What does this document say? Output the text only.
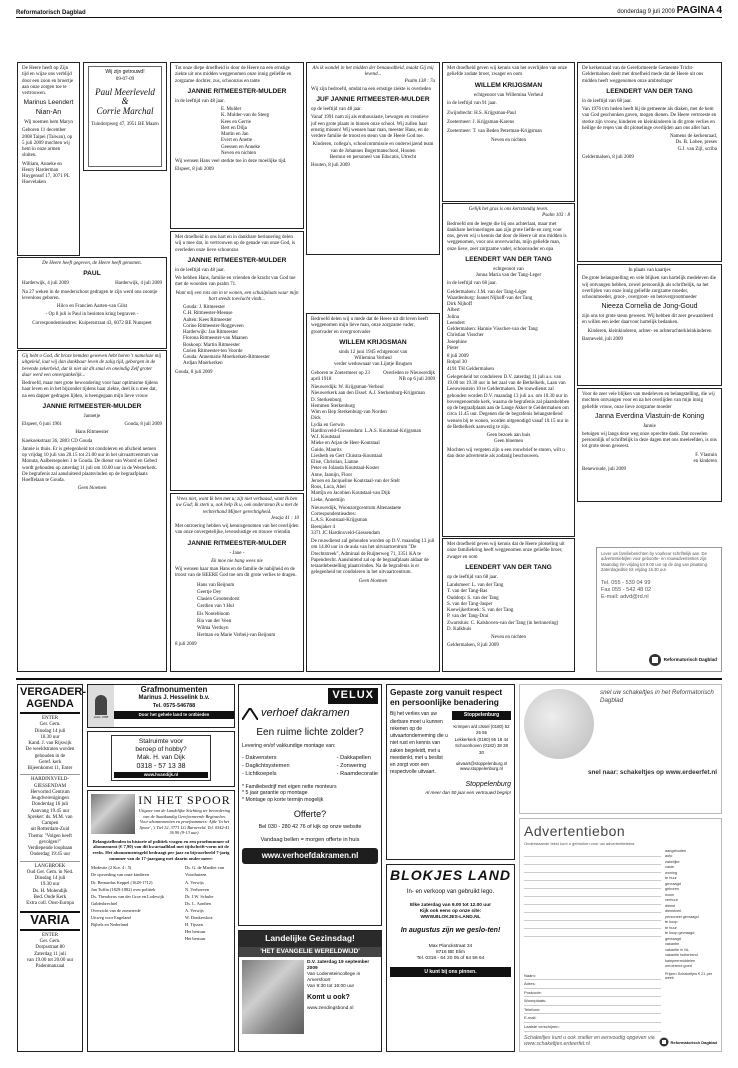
Reformatorisch Dagblad	donderdag 9 juli 2009 PAGINA 4
De Heere heeft op Zijn tijd en wijze ons verblijd door een zoon en broertje aan onze zorgen toe te vertrouwen.
Marinus Leendert
Nian-An
Wij noemen hem Maryn
Geboren 11 december 2008 Taipei (Taiwan), op 5 juli 2009 mochten wij hem in onze armen sluiten.
William, Anneke en Henry Harderman
Huygensof 17, 3071 PL Hoevelaken
Wij zijn getrouwd!
09-07-09
Paul Meerleveld
&
Corrie Marchal
Tuindorpweg 47, 3951 BE Maarn
De Heere heeft gegeven, de Heere heeft genomen.
PAUL
Harderwijk, 4 juli 2009	Harderwijk, 4 juli 2009
Na 27 weken in de moederschoot gedragen te zijn werd ons zoontje levenloos geboren.
Hilco en Francien Aarten-van Gilst
- Op 8 juli is Paul in besloten kring begraven -
Correspondentieadres: Kuipersstraat 43, 6072 BE Nunspeet
Gij hebt o God, dit broze hemden geweven hebt horen 't nameloze mij uitgeleid, laat wij dan dankbaar leven de zalig tijd, geborgen in de bevende zekerheid, dat ik niet uit dit smal en oneindig Zelf groter daar werd een onvergankelijk...
Bedroefd, maar met grote bewondering voor haar optimisme tijdens haar leven en in het bijzonder tijdens haar ziekte, deel ik u mee dat, na een dapper gedragen lijden, is heengegaan mijn lieve vrouw
JANNIE RITMEESTER-MULDER
Jannetje
Elspeet, 6 juni 1961	Gouda, 8 juli 2009
Hans Ritmeester
Koekoekstraat 36, 2803 CD Gouda
Jannie is thuis. Er is gelegenheid tot condoleren en afscheid nemen op vrijdag 10 juli van 20.15 tot 21.00 uur in het uitvaartcentrum van Monuta, Aalbersepolen 1 te Gouda. De dienst van Woord en Gebed wordt gehouden op zaterdag 11 juli om 10.00 uur in de Westerkerk. De begrafenis zal aansluitend plaatsvinden op de begraafplaats Hoeffelaan te Gouda.
Geen bloemen
Tot onze diepe droefheid is door de Heere na een ernstige ziekte uit ons midden weggenomen onze innig geliefde en zorgzame dochter, zus, schoonzus en tante
JANNIE RITMEESTER-MULDER
in de leeftijd van 48 jaar.
E. Mulder
K. Mulder-van de Steeg
Kees en Gerrie
Bert en Dilja
Martin en Jan
Evert en Anette
Geessen en Anneke
Neven en nichten
Wij wensen Hans veel sterkte toe in deze moeilijke tijd.
Elspeet, 8 juli 2009
Met droefheid in ons hart en in dankbare herinnering delen wij u mee dat, in vertrouwen op de genade van onze God, is overleden onze lieve schoonzus
JANNIE RITMEESTER-MULDER
in de leeftijd van 48 jaar.
We hebben Hans, familie en vrienden de kracht van God toe met de woorden van psalm 71.
Want mij een rots om in te wonen, een schuilplaats waar mijn hart steeds toevlucht vindt...
Gouda: J. Ritmeester
C.H. Ritmeester-Meeuse
Aalten: Kees Ritmeester
Corine Ritmeester-Roggeveen
Harderwijk: Jan Ritmeester
Florona Ritmeester-van Maanen
Boskoop: Martin Ritmeester
Carien Ritmeester-ten Voorde
Gouda: Annemarie Moerkerken-Ritmeester
Ardjan Moerkerken
Gouda, 8 juli 2009
Vrees niet, want Ik ben met u; zijt niet verbaasd, want Ik ben uw God; Ik sterk u, ook help Ik u, ook ondersteun Ik u met de rechterhand Mijner gerechtigheid.
Jesaja 41 : 10
Met ontroering hebben wij kennisgenomen van het overlijden van onze onvergetelijke, levenslustige en trouwe vriendin
JANNIE RITMEESTER-MULDER
- Jane -
Ek moe nie bang wees nie
Wij wensen haar man Hans en de familie de nabijheid en de troost van de HEERE God toe om dit grote verlies te dragen.
Hans van Beijnum
Geertje Dey
Clasien Grootendorst
Gerdien van 't Hul
Els Nootebloom
Ria van der Veen
Wilma Verduyn
Herman en Marie Verbeij-van Beijnum
8 juli 2009
Als ik wandel in het midden der benauwdheid, maakt Gij mij levend...
Psalm 138 : 7a
Wij zijn bedroefd, omdat na een ernstige ziekte is overleden
JUF JANNIE RITMEESTER-MULDER
op de leeftijd van 48 jaar.
Vanaf 1991 nam zij als enthousiaste, bewogen en creatieve juf een grote plaats in binnen onze school. Wij zullen haar ernstig missen! Wij wensen haar man, meester Hans, en de verdere familie de troost en steun van de Heere God toe.
Kinderen, collega's, schoolcommissie en onderwijzend team van de Johannes Bogermanschool, Houten
Bestuur en personeel van Educatis, Utrecht
Houten, 8 juli 2009
Bedroefd delen wij u mede dat de Heere uit dit leven heeft weggenomen mijn lieve man, onze zorgzame vader, grootvader en overgrootvader
WILLEM KRIJGSMAN
sinds 12 juni 1945 echtgenoot van
Willemina Verheul
verder weduwnaar van Lijntje Brugsen
Geboren te Zoetermeer op 23 april 1918
Overleden te Nieuwerdijk NB op 6 juli 2009
Nieuwerdijk: W. Krijgsman-Verheul
Nieuwerkerk aan den IJssel: A.J. Sterkenburg-Krijgsman
D. Sterkenburg
Hemmen Sterkenburg
Wim en Bep Sterkenburg-van Norden
Dick
Lydia en Gerwin
Hardinxveld-Giessendam: L.A.S. Koutstaal-Krijgsman
W.J. Koutstaal
Mieke en Arjan de Heer-Koutstaal
Guido, Maurits
Liesbeth en Gert Cluistra-Koutstaal
Elise, Christian, Lianne
Peter en Jolanda Koutstaal-Koster
Anne, Jannijn, Floor
Jeroen en Jacqueline Koutstaal-van der Stelt
Roos, Luca, Abel
Martijn en Jacobien Koutstaal-van Dijk
Lieke, Annemijn
Nieuwerdijk, Woonzorgcentrum Altenastaete
Correspondentieadres:
L.A.S. Koutstaal-Krijgsman
Beenjaker 4
3371 JC Hardinxveld-Giessendam
De rouwdienst zal gehouden worden op D.V. maandag 13 juli om 14.00 uur in de aula van het uitvaartcentrum "De Drechtstreek", Admiraal de Ruijterweg 71, 3351 KA te Papendrecht. Aansluitend zal op de begraafplaats aldaar de teraardebestelling plaatsvinden. Na de begrafenis is er gelegenheid tot condoleren in het uitvaartcentrum.
Geen bloemen
Met droefheid geven wij kennis van het overlijden van onze geliefde zodate broer, zwager en oom
WILLEM KRIJGSMAN
echtgenoot van Willemina Verheul
in de leeftijd van 91 jaar.
Zwijndrecht: H.S. Krijgsman-Paul
Zoetermeer: J. Krijgsman-Karens
Zoetermeer: T. van Beden Peterman-Krijgsman
Neven en nichten
Gelijk het gras is ons kortstondig leven.
Psalm 103 : 8
Bedroefd om de leegte die bij ons achterlaat, maar met dankbare herinneringen aan zijn grote liefde en zorg voor ons, geven wij u kennis dat door de Heere uit ons midden is weggenomen, voor ons onverwachts, mijn geliefde man, onze lieve, zeer zorgzame vader, schoonvader en opa
LEENDERT VAN DER TANG
echtgenoot van
Jonna Maria van der Tang-Leger
in de leeftijd van 68 jaar.
Geldermalsen: J.M. van der Tang-Léger
Waardenburg: Jeanet Nijhoff-van der Tang
Dirk Nijhoff
Albert
Jolina
Leendert
Geldermalsen: Hannie Visscher-van der Tang
Christian Visscher
Josephine
Pieter
8 juli 2009
Bolpol 30
4191 TH Geldermalsen
Gelegenheid tot condoleren D.V. zaterdag 11 juli a.s. van 19.00 tot 19.30 uur in het zaal van de Bethelkerk, Laan van Leeuwenstein 10 te Geldermalsen. De rouwdienst zal gehouden worden D.V. maandag 13 juli a.s. om 10.30 uur in bovengenoemde kerk, waarna de begrafenis zal plaatshebben op de begraafplaats aan de Lange Akker te Geldermalsen om circa 11.45 uur. Degenen die de begrafenis belangstellend wensen bij te wonen, worden uitgenodigd vanaf 10.15 uur in de Bethelkerk aanwezig te zijn.
Geen bezoek aan huis
Geen bloemen
Mochten wij vergeten zijn u een rouwbrief te sturen, wilt u dan deze advertentie als zodanig beschouwen.
Met droefheid geven wij kennis dat de Heere plotseling uit onze familiekring heeft weggenomen onze geliefde broer, zwager en oom
LEENDERT VAN DER TANG
op de leeftijd van 68 jaar.
Landsmeer: L. van der Tang
T. van der Tang-Bas
Ouddorp: S. van der Tang
S. van der Tang-Jasper
Koewijkerbroek: S. van der Tang
P. van der Tang-Drai
Zwartsluis: C. Kalshoven-van der Tang (in herinnering)
D. Kalkhuis
Neven en nichten
Geldermalsen, 8 juli 2009
De kerkenraad van de Gereformeerde Gemeente Tricht-Geldermalsen deelt met droefheid mede dat de Heere uit ons midden heeft weggenomen onze ambtsdrager
LEENDERT VAN DER TANG
in de leeftijd van 68 jaar.
Van 1976 t/m heden heeft hij de gemeente als diaken, met de hem van God geschonken gaven, mogen dienen. De Heere vertroeste en sterke zijn vrouw, kinderen en kleinkinderen in dit grote verlies en heilige de reqen van dit plotselinge overlijden aan ons aller hart.
Namens de kerkenraad,
Ds. B. Lobee, preses
G.J. van Zijl, scriba
Geldermalsen, 8 juli 2009
In plaats van kaartjes
De grote belangstelling en vele blijken van hartelijk medeleven die wij ontvangen hebben, zowel persoonlijk als schriftelijk, na het overlijden van onze innig geliefde zorgzame moeder, schoonmoeder, groot-, overgroot- en betovergrootmoeder
Nieeza Cornelia de Jong-Goud
zijn ons tot grote steun geweest. Wij hebben dit zeer gewaardeerd en willen een ieder daarvoor hartelijk bedanken.
Kinderen, kleinkinderen, achter- en achterachterkleinkinderen
Barneveld, juli 2009
Voor de zeer vele blijken van medeleven en belangstelling, die wij mochten ontvangen voor en na het overlijden van mijn innig geliefde vrouw, onze lieve zorgzame moeder
Janna Everdina Vlastuin-de Koning
Jannie
betuigen wij langs deze weg onze oprechte dank. Dat zoveelen persoonlijk of schriftelijk in deze dagen met ons meeleefden, is ons tot grote steun geweest.
F. Vlastuin
en kinderen
Benewoude, juli 2009
Lever uw familieberichten by voorkeur schriftelijk aan. De advertentiebijlen voor geboorte- en rouwadvertenties zijn: Maandag t/m vrijdag tot 9.00 uur op de dag van plaatsing. Zaterdageditie tot vrijdag 16.30 uur.
Tel. 055 - 539 04 99
Fax 055 - 542 48 02
E-mail: advd@rd.nl
Reformatorisch Dagblad
VERGADER-AGENDA
ENTER
Ger. Gem.
Dinsdag 14 juli
18.30 uur
Kand. J. van Rijswijk
De weeldstraten worden
gehouden in de
Geref. kerk
Bijeenkomst 11, Enter
HARDINXVELD-GIESSENDAM
Hervormd Centrum
Jeugdverenigingen
Donderdag 16 juli
Aanvang 19.45 uur
Spreker: ds. M.M. van Campen
uit Rotterdam-Zuid
Thema: "Volgen heeft gevolgen!"
Verdiepende loopbaan
Onderdag 19:45 uur
LANGBROEK
Oud Ger. Gem. in Ned.
Dinsdag 14 juli
19.30 uur
Ds. H. Molendijk
Bed. Oude Kerk
Extra coll. Oost-Europa
VARIA
ENTER
Ger. Gem.
Dorpsstraat 80
Zaterdag 11 juli
van 19.00 tot 20.00 uur
Padenmanzaal
sinds 1888
Grafmonumenten
Marinus J. Hesselink b.v.
Tel. 0575-546788
Door het gehele land te ontbieden
Stalruimte voor
beroep of hobby?
Mak. H. van Dijk
0318 - 57 13 38
www.hvandijk.nl
IN HET SPOOR
Uitgave van de Landelijke Stichting ter bevordering van de Staatkundig Gereformeerde Beginselen.
Voor abonnementen en proefnummers: Afde 'In het Spoor', 't Tiel 12, 3771 LG Barneveld. Tel. 0342-41 36 90 (9-13 uur).
Belangstellenden in historie of politiek vragen en een proefnummer of abonnement (€ 7,90) van dit kwartaalblad met tijdschrift-vorm uit de reeks. Het abonnementsgeld bedraagt per jaar en bijvoorbeeld 7-jarig nummer van de 17-jaargang met daarin onder meer:
Modestie (2 Kor. 4 : 5)
De opvoeding van onze kinderen
Dr. Bernardus Keppel (1628-1712)
Jan Tuffin (1829-1882) over politiek
Ds. Theodorus van der Groe en Lodewijk Galdesbrechtel
Overzicht van de zomerrede
Uitweg voor Engeland
Bijbels en Nederland
Ds. G. de Mardiet van Voorthuizen
A. Verwijs
N. Verhoeven
Dr. J.W. Schulte
Ds. L. Aardien
A. Verwijs
W. Donkersloot
H. Tijssen
Het bestuur
Het bestuur
VELUX
verhoef dakramen
Een ruime lichte zolder?
Levering en/of vakkundige montage van:
- Dakvensters
- Daglichtsystemen
- Lichtkoepels
- Dakkapellen
- Zonwering
- Raamdecoratie
* Familiebedrijf met eigen nette monteurs
* 5 jaar garantie op montage
* Montage op korte termijn mogelijk
Offerte?
Bel 030 - 280 42 76 of kijk op onze website
Vandaag bellen = morgen offerte in huis
www.verhoefdakramen.nl
Gepaste zorg vanuit respect en persoonlijke benadering
Bij het verlies van uw dierbare moet u kunnen rekenen op de uitvaartonderneming die u niet rust en kennis van zaken begeleidt, met u meedenkt, met u beslist en zorgt voor een respectvolle uitvaart.
Stoppelenburg
Krimpen a/d IJssel (0180) 52 25 55
Lekkerkerk (0180) 66 18 44
Schoonhoven (0182) 38 28 30
uitvaart@stoppelenburg.nl
www.stoppelenburg.nl
Stoppelenburg
Al meer dan 50 jaar een vertrouwd begrip!
Landelijke Gezinsdag!
'HET EVANGELIE WERELDWIJD'
D.V. zaterdag 19 september 2009
Van Lodensteincollege in Amersfoort
Van 9:30 tot 16:00 uur
Komt u ook?
www.zendingsbond.nl
BLOKJES LAND
In- en verkoop van gebruikt lego.
Elke zaterdag van 9.00 tot 12.00 uur
Kijk ook eens op onze site:
WWW.BLOKJES-LAND.NL
In augustus zijn we geslo-ten!
Max Planckstraat 34
8716 BE Elim
Tel. 0318 - 64 20 05 of 64 56 64
U kunt bij ons pinnen.
snel uw schakeltjes in het Reformatorisch Dagblad
snel naar: schakeltjes op www.erdeerfet.nl
Advertentiebon
Onderstaande tekst kunt u gebruiken voor uw advertentietekst.
aangeboden
auto
zakelijke
vaste
woning
te huur
gevraagd
geboren
woon
verhuur
dienst
dienstverl.
personeel gevraagd
te koop
te huur
te koop gevraagd
gevraagd
vakantie
vakantie in NL
vakantie buitenland
kampeermiddelen
onroerend goed
Naam:
Adres:
Postcode:
Woonplaats:
Telefoon:
E-mail:
Laatste verschijnen:
Prijzen Schakeltjes € 21 per week
Schakeltjes kunt u ook sneller en eenvoudig opgeven via www.schakeltjes.erdeerfet.nl	Reformatorisch Dagblad
